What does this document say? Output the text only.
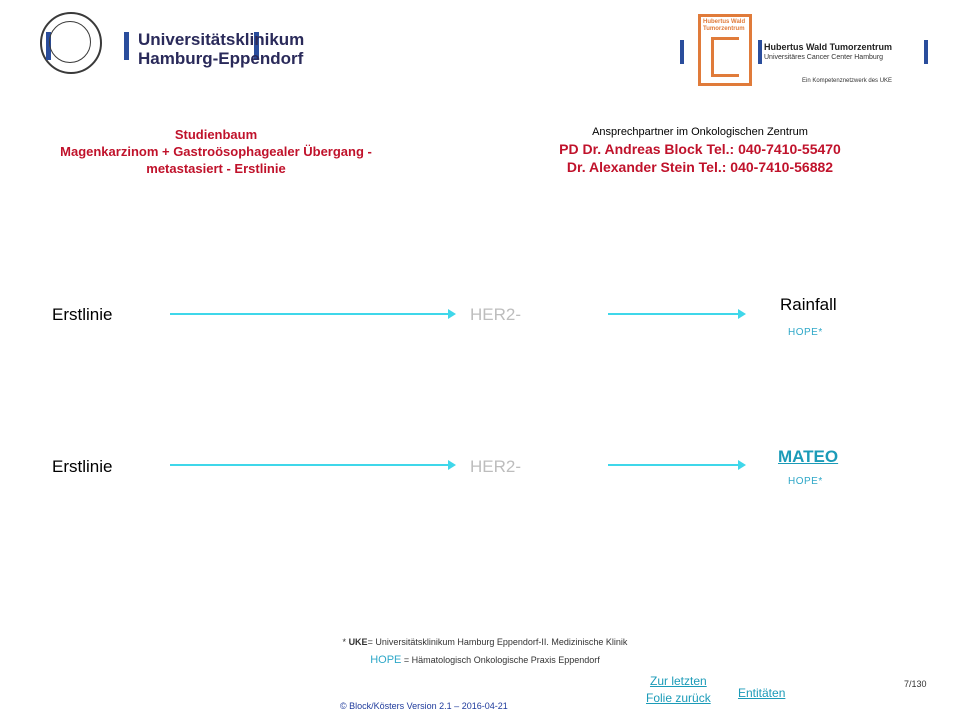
Universitätsklinikum
Hamburg-Eppendorf
Hubertus Wald Tumorzentrum
Hubertus Wald Tumorzentrum
Universitäres Cancer Center Hamburg
Ein Kompetenznetzwerk des UKE
Studienbaum
Magenkarzinom + Gastroösophagealer Übergang -
metastasiert - Erstlinie
Ansprechpartner im Onkologischen Zentrum
PD Dr. Andreas Block Tel.: 040-7410-55470
Dr. Alexander Stein Tel.: 040-7410-56882
Erstlinie	HER2-
Rainfall
HOPE*
Erstlinie	HER2-
MATEO
HOPE*
* UKE= Universitätsklinikum Hamburg Eppendorf-II. Medizinische Klinik
HOPE = Hämatologisch Onkologische Praxis Eppendorf
Zur letzten
Folie zurück Entitäten
© Block/Kösters Version 2.1 – 2016-04-21
7/130
